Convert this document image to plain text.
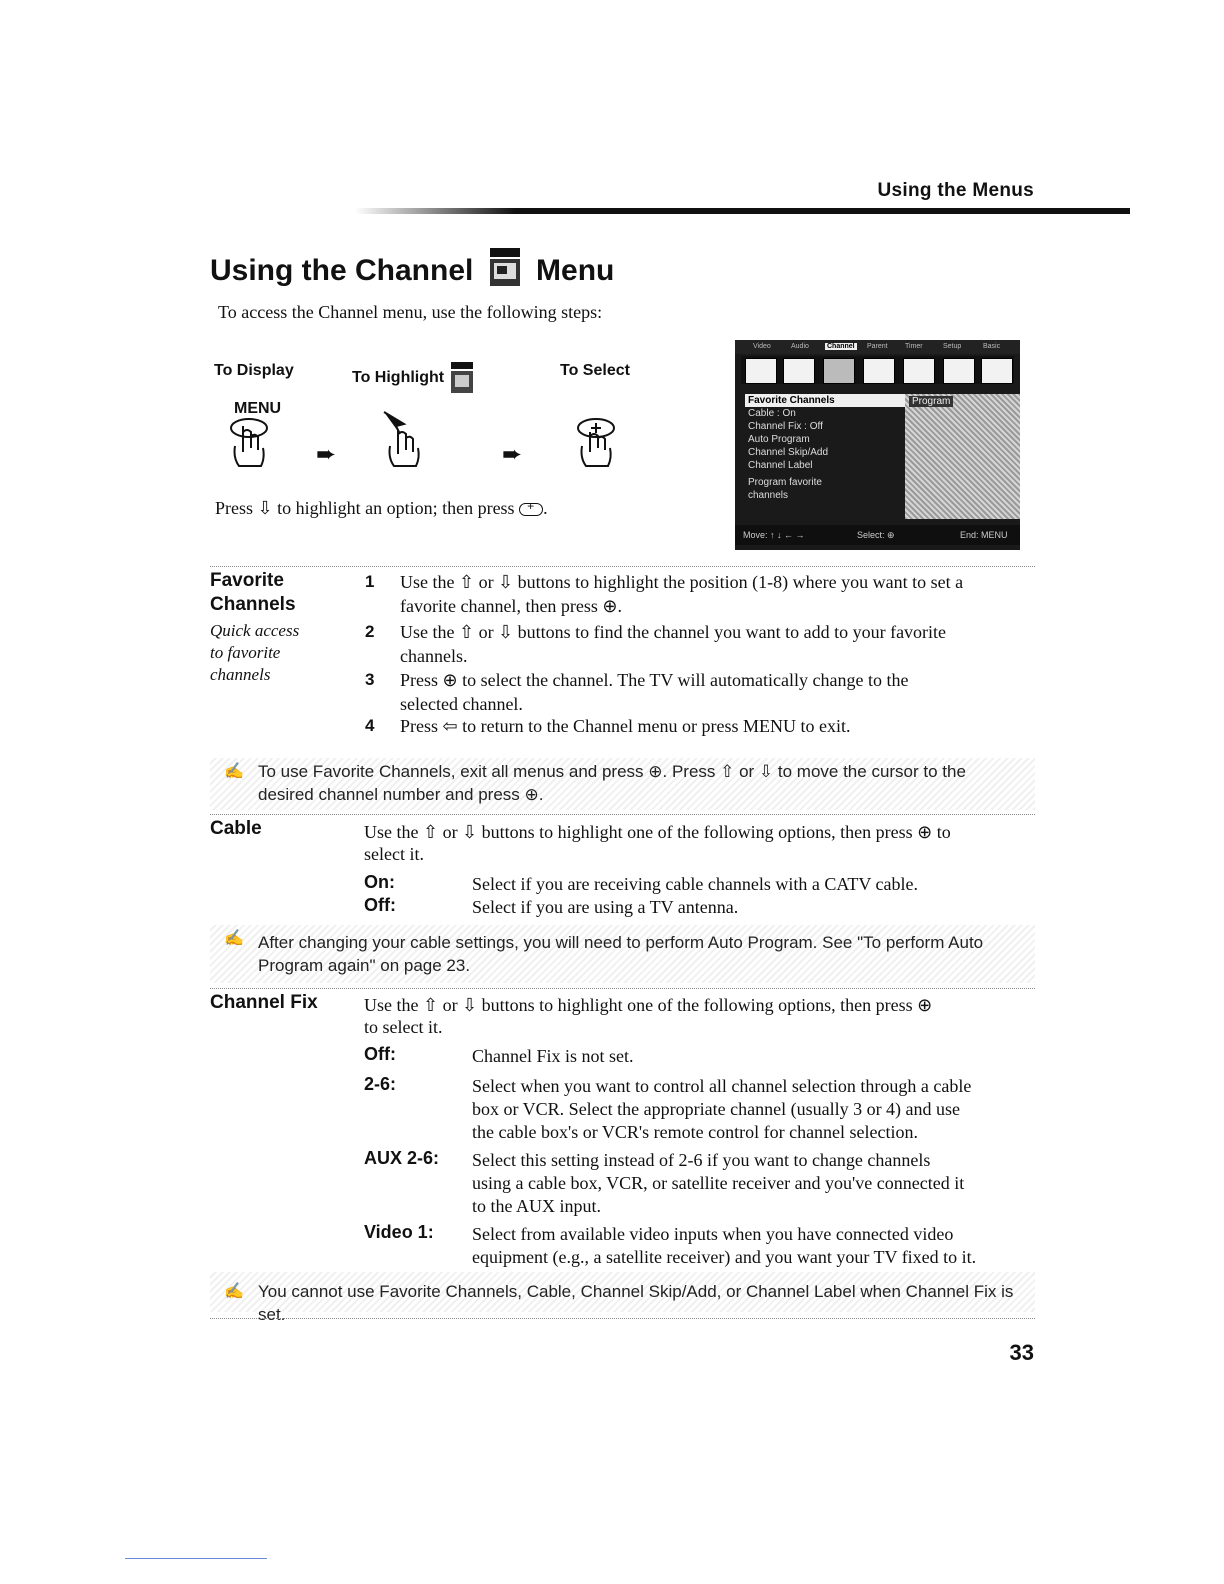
Using the Menus
Using the Channel Menu
To access the Channel menu, use the following steps:
To Display	To Highlight	To Select
MENU
➨	➨
Press ⇩ to highlight an option; then press + .
Video	Audio	Channel Parent Timer	Setup	Basic
Favorite Channels
Cable : On
Channel Fix : Off
Auto Program
Channel Skip/Add
Channel Label
Program favorite
channels
Program
Move: ↑ ↓ ← →	Select: ⊕	End: MENU
Favorite
Channels
Quick access
to favorite
channels
1 Use the ⇧ or ⇩ buttons to highlight the position (1-8) where you want to set a
favorite channel, then press ⊕.
2 Use the ⇧ or ⇩ buttons to find the channel you want to add to your favorite
channels.
3 Press ⊕ to select the channel. The TV will automatically change to the
selected channel.
4 Press ⇦ to return to the Channel menu or press MENU to exit.
✍ To use Favorite Channels, exit all menus and press ⊕. Press ⇧ or ⇩ to move the cursor to the
desired channel number and press ⊕.
Cable	Use the ⇧ or ⇩ buttons to highlight one of the following options, then press ⊕ to
select it.
On:	Select if you are receiving cable channels with a CATV cable.
Off:	Select if you are using a TV antenna.
✍ After changing your cable settings, you will need to perform Auto Program. See "To perform Auto
Program again" on page 23.
Channel Fix	Use the ⇧ or ⇩ buttons to highlight one of the following options, then press ⊕
to select it.
Off:	Channel Fix is not set.
2-6:	Select when you want to control all channel selection through a cable
box or VCR. Select the appropriate channel (usually 3 or 4) and use
the cable box's or VCR's remote control for channel selection.
AUX 2-6: Select this setting instead of 2-6 if you want to change channels
using a cable box, VCR, or satellite receiver and you've connected it
to the AUX input.
Video 1: Select from available video inputs when you have connected video
equipment (e.g., a satellite receiver) and you want your TV fixed to it.
✍ You cannot use Favorite Channels, Cable, Channel Skip/Add, or Channel Label when Channel Fix is set.
33
